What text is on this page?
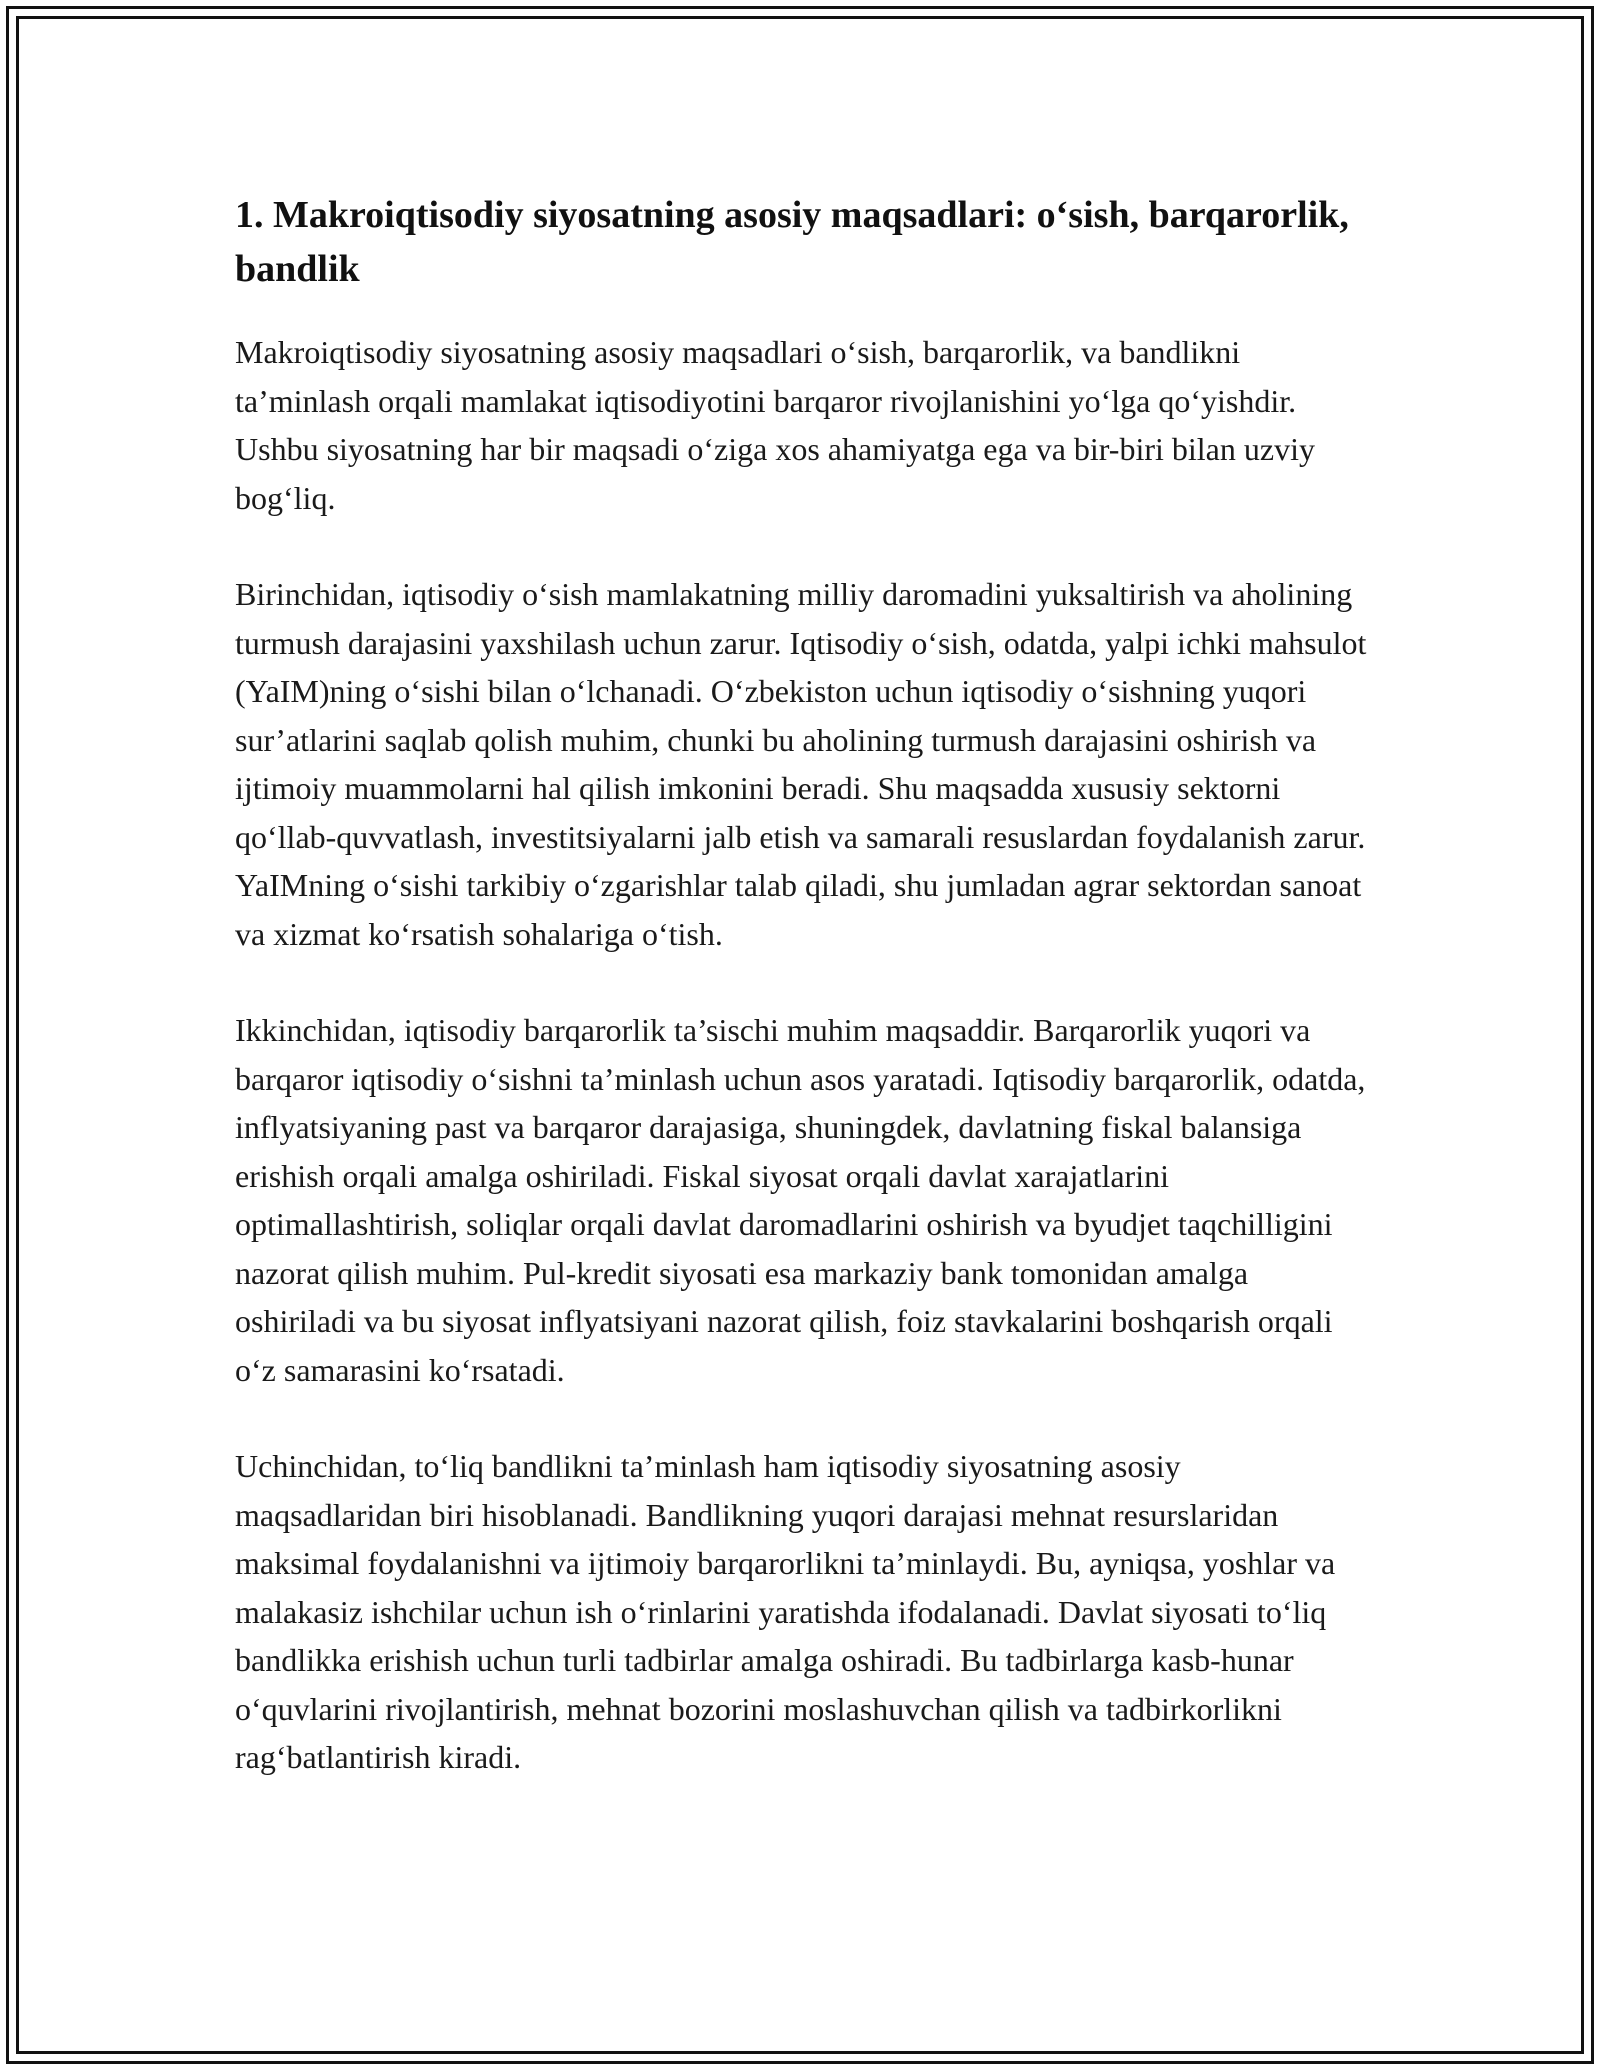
1. Makroiqtisodiy siyosatning asosiy maqsadlari: o‘sish, barqarorlik, bandlik

Makroiqtisodiy siyosatning asosiy maqsadlari o‘sish, barqarorlik, va bandlikni ta’minlash orqali mamlakat iqtisodiyotini barqaror rivojlanishini yo‘lga qo‘yishdir. Ushbu siyosatning har bir maqsadi o‘ziga xos ahamiyatga ega va bir-biri bilan uzviy bog‘liq.

Birinchidan, iqtisodiy o‘sish mamlakatning milliy daromadini yuksaltirish va aholining turmush darajasini yaxshilash uchun zarur. Iqtisodiy o‘sish, odatda, yalpi ichki mahsulot (YaIM)ning o‘sishi bilan o‘lchanadi. O‘zbekiston uchun iqtisodiy o‘sishning yuqori sur’atlarini saqlab qolish muhim, chunki bu aholining turmush darajasini oshirish va ijtimoiy muammolarni hal qilish imkonini beradi. Shu maqsadda xususiy sektorni qo‘llab-quvvatlash, investitsiyalarni jalb etish va samarali resuslardan foydalanish zarur. YaIMning o‘sishi tarkibiy o‘zgarishlar talab qiladi, shu jumladan agrar sektordan sanoat va xizmat ko‘rsatish sohalariga o‘tish.

Ikkinchidan, iqtisodiy barqarorlik ta’sischi muhim maqsaddir. Barqarorlik yuqori va barqaror iqtisodiy o‘sishni ta’minlash uchun asos yaratadi. Iqtisodiy barqarorlik, odatda, inflyatsiyaning past va barqaror darajasiga, shuningdek, davlatning fiskal balansiga erishish orqali amalga oshiriladi. Fiskal siyosat orqali davlat xarajatlarini optimallashtirish, soliqlar orqali davlat daromadlarini oshirish va byudjet taqchilligini nazorat qilish muhim. Pul-kredit siyosati esa markaziy bank tomonidan amalga oshiriladi va bu siyosat inflyatsiyani nazorat qilish, foiz stavkalarini boshqarish orqali o‘z samarasini ko‘rsatadi.

Uchinchidan, to‘liq bandlikni ta’minlash ham iqtisodiy siyosatning asosiy maqsadlaridan biri hisoblanadi. Bandlikning yuqori darajasi mehnat resurslaridan maksimal foydalanishni va ijtimoiy barqarorlikni ta’minlaydi. Bu, ayniqsa, yoshlar va malakasiz ishchilar uchun ish o‘rinlarini yaratishda ifodalanadi. Davlat siyosati to‘liq bandlikka erishish uchun turli tadbirlar amalga oshiradi. Bu tadbirlarga kasb-hunar o‘quvlarini rivojlantirish, mehnat bozorini moslashuvchan qilish va tadbirkorlikni rag‘batlantirish kiradi.
